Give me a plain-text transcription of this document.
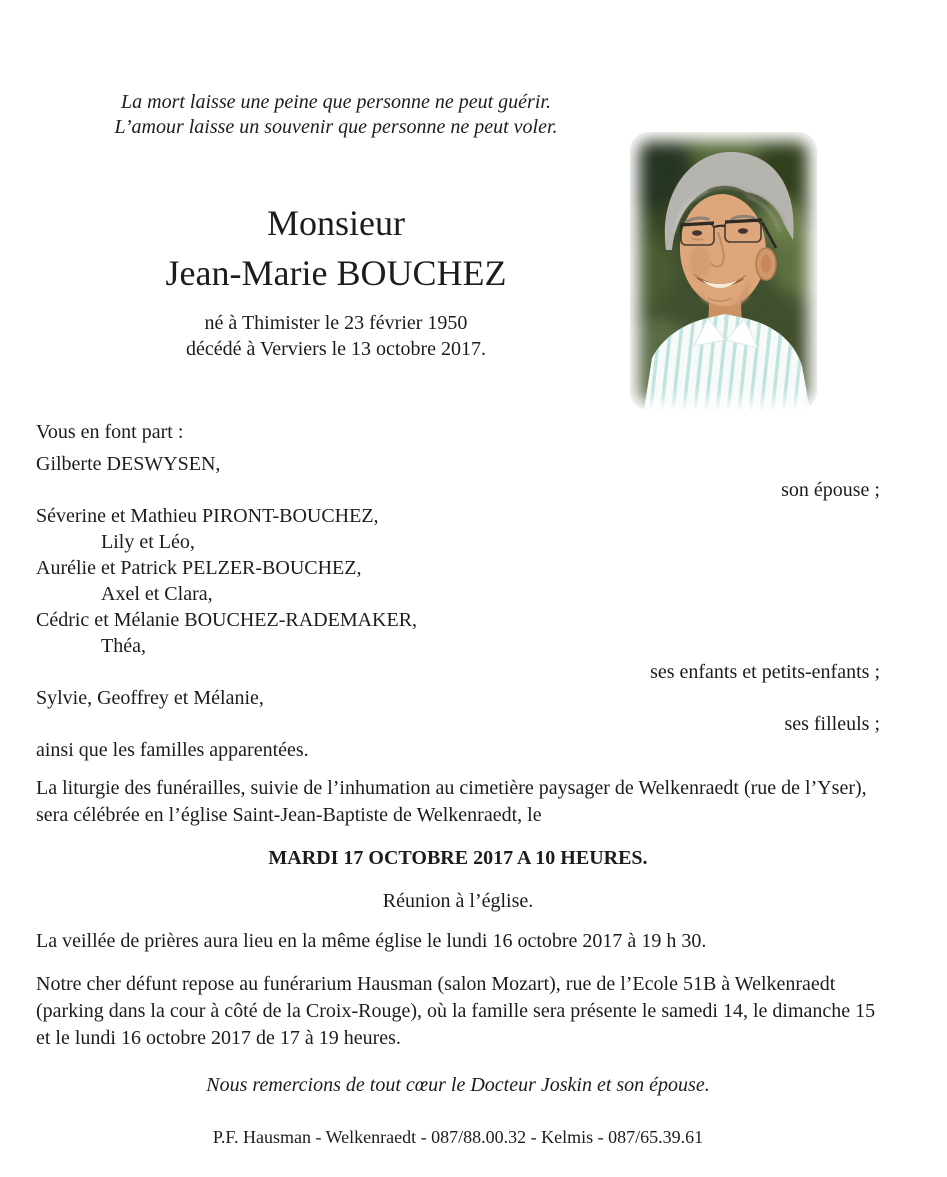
La mort laisse une peine que personne ne peut guérir.
L’amour laisse un souvenir que personne ne peut voler.
Monsieur
Jean-Marie BOUCHEZ
né à Thimister le 23 février 1950
décédé à Verviers le 13 octobre 2017.
Vous en font part :
Gilberte DESWYSEN,
son épouse ;
Séverine et Mathieu PIRONT-BOUCHEZ,
Lily et Léo,
Aurélie et Patrick PELZER-BOUCHEZ,
Axel et Clara,
Cédric et Mélanie BOUCHEZ-RADEMAKER,
Théa,
ses enfants et petits-enfants ;
Sylvie, Geoffrey et Mélanie,
ses filleuls ;
ainsi que les familles apparentées.

La liturgie des funérailles, suivie de l’inhumation au cimetière paysager de Welkenraedt (rue de l’Yser), sera célébrée en l’église Saint-Jean-Baptiste de Welkenraedt, le

MARDI 17 OCTOBRE 2017 A 10 HEURES.
Réunion à l’église.
La veillée de prières aura lieu en la même église le lundi 16 octobre 2017 à 19 h 30.

Notre cher défunt repose au funérarium Hausman (salon Mozart), rue de l’Ecole 51B à Welkenraedt (parking dans la cour à côté de la Croix-Rouge), où la famille sera présente le samedi 14, le dimanche 15 et le lundi 16 octobre 2017 de 17 à 19 heures.

Nous remercions de tout cœur le Docteur Joskin et son épouse.
P.F. Hausman - Welkenraedt - 087/88.00.32 - Kelmis - 087/65.39.61
